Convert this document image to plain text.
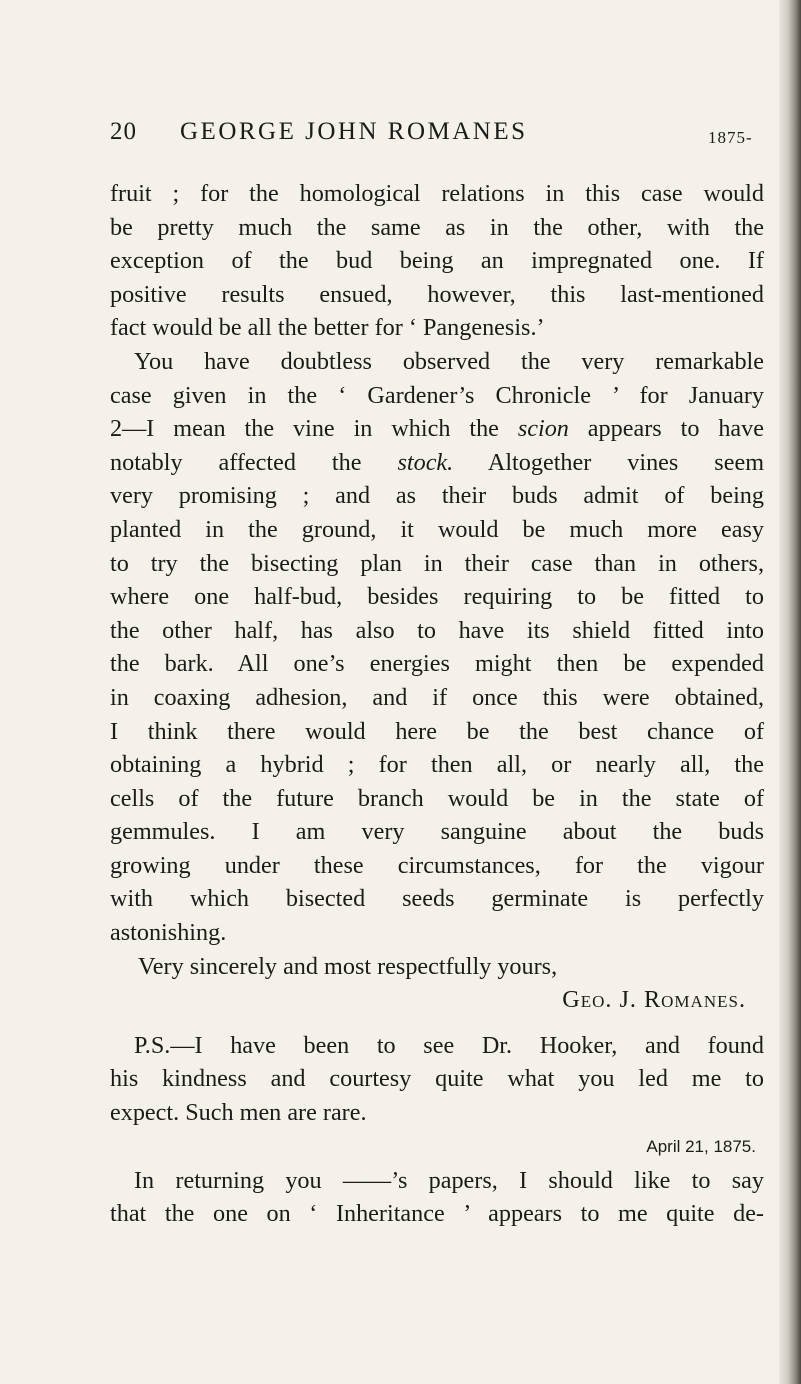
20 GEORGE JOHN ROMANES	1875-
fruit ; for the homological relations in this case would
be pretty much the same as in the other, with the
exception of the bud being an impregnated one. If
positive results ensued, however, this last-mentioned
fact would be all the better for ‘ Pangenesis.’
You have doubtless observed the very remarkable
case given in the ‘ Gardener’s Chronicle ’ for January
2—I mean the vine in which the scion appears to have
notably affected the stock. Altogether vines seem
very promising ; and as their buds admit of being
planted in the ground, it would be much more easy
to try the bisecting plan in their case than in others,
where one half-bud, besides requiring to be fitted to
the other half, has also to have its shield fitted into
the bark. All one’s energies might then be expended
in coaxing adhesion, and if once this were obtained,
I think there would here be the best chance of
obtaining a hybrid ; for then all, or nearly all, the
cells of the future branch would be in the state of
gemmules. I am very sanguine about the buds
growing under these circumstances, for the vigour
with which bisected seeds germinate is perfectly
astonishing.
Very sincerely and most respectfully yours,
Geo. J. Romanes.
P.S.—I have been to see Dr. Hooker, and found
his kindness and courtesy quite what you led me to
expect. Such men are rare.
April 21, 1875.
In returning you ——’s papers, I should like to say
that the one on ‘ Inheritance ’ appears to me quite de-
